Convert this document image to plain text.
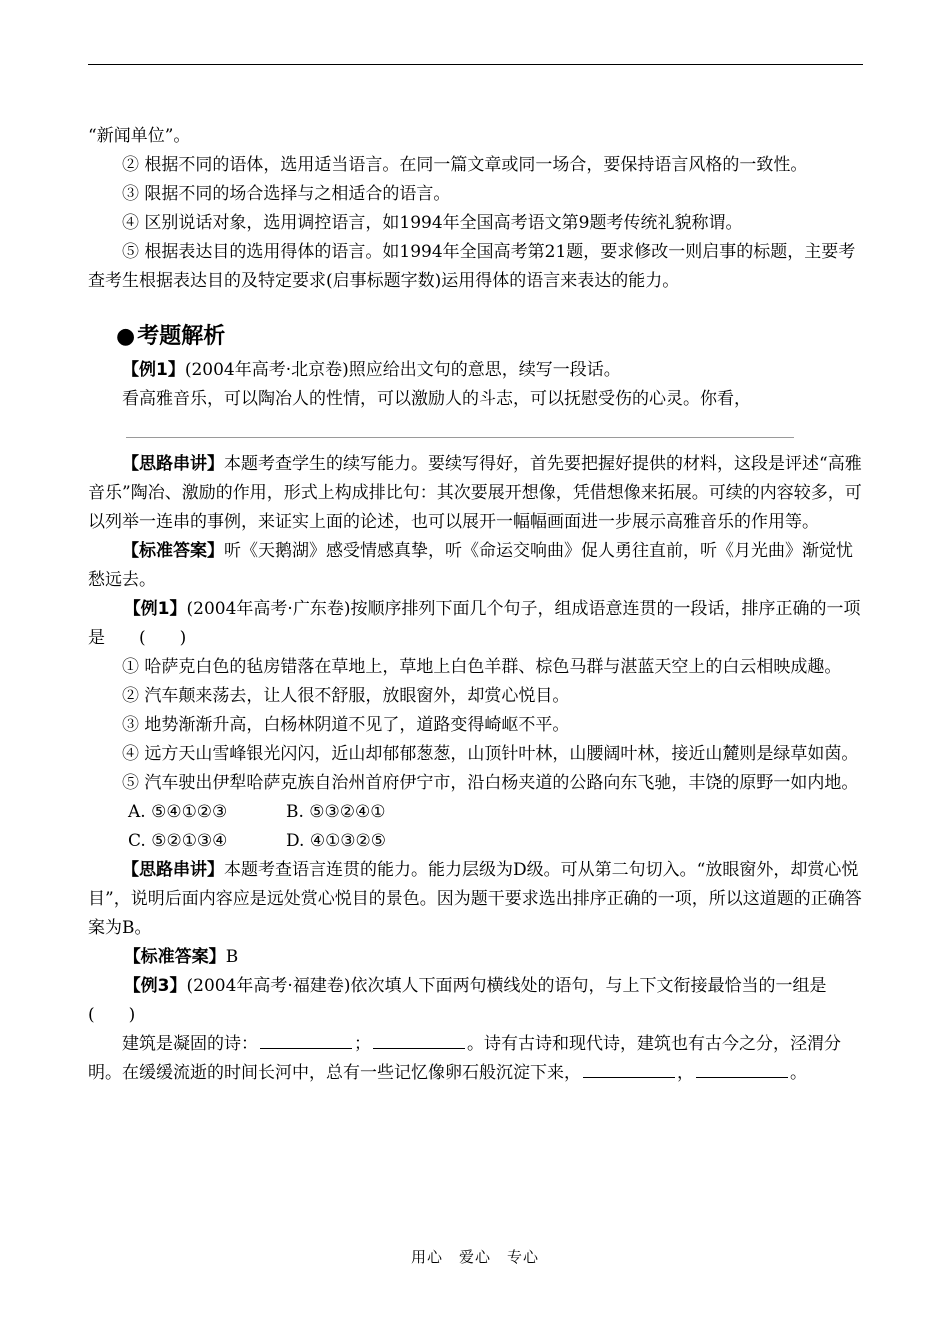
“新闻单位”。

② 根据不同的语体，选用适当语言。在同一篇文章或同一场合，要保持语言风格的一致性。

③ 限据不同的场合选择与之相适合的语言。

④ 区别说话对象，选用调控语言，如1994年全国高考语文第9题考传统礼貌称谓。

⑤ 根据表达目的选用得体的语言。如1994年全国高考第21题，要求修改一则启事的标题，主要考查考生根据表达目的及特定要求(启事标题字数)运用得体的语言来表达的能力。

●考题解析

【例1】(2004年高考·北京卷)照应给出文句的意思，续写一段话。

看高雅音乐，可以陶冶人的性情，可以激励人的斗志，可以抚慰受伤的心灵。你看，

【思路串讲】本题考查学生的续写能力。要续写得好，首先要把握好提供的材料，这段是评述“高雅音乐”陶冶、激励的作用，形式上构成排比句：其次要展开想像，凭借想像来拓展。可续的内容较多，可以列举一连串的事例，来证实上面的论述，也可以展开一幅幅画面进一步展示高雅音乐的作用等。

【标准答案】听《天鹅湖》感受情感真挚，听《命运交响曲》促人勇往直前，听《月光曲》渐觉忧愁远去。

【例1】(2004年高考·广东卷)按顺序排列下面几个句子，组成语意连贯的一段话，排序正确的一项是　　(　　)

① 哈萨克白色的毡房错落在草地上，草地上白色羊群、棕色马群与湛蓝天空上的白云相映成趣。

② 汽车颠来荡去，让人很不舒服，放眼窗外，却赏心悦目。

③ 地势渐渐升高，白杨林阴道不见了，道路变得崎岖不平。

④ 远方天山雪峰银光闪闪，近山却郁郁葱葱，山顶针叶林，山腰阔叶林，接近山麓则是绿草如茵。

⑤ 汽车驶出伊犁哈萨克族自治州首府伊宁市，沿白杨夹道的公路向东飞驰，丰饶的原野一如内地。

A. ⑤④①②③	B. ⑤③②④①

C. ⑤②①③④	D. ④①③②⑤

【思路串讲】本题考查语言连贯的能力。能力层级为D级。可从第二句切入。“放眼窗外，却赏心悦目”，说明后面内容应是远处赏心悦目的景色。因为题干要求选出排序正确的一项，所以这道题的正确答案为B。

【标准答案】B

【例3】(2004年高考·福建卷)依次填人下面两句横线处的语句，与上下文衔接最恰当的一组是　　(　　)

建筑是凝固的诗：	；	。诗有古诗和现代诗，建筑也有古今之分，泾渭分明。在缓缓流逝的时间长河中，总有一些记忆像卵石般沉淀下来，	，	。

用心　爱心　专心
